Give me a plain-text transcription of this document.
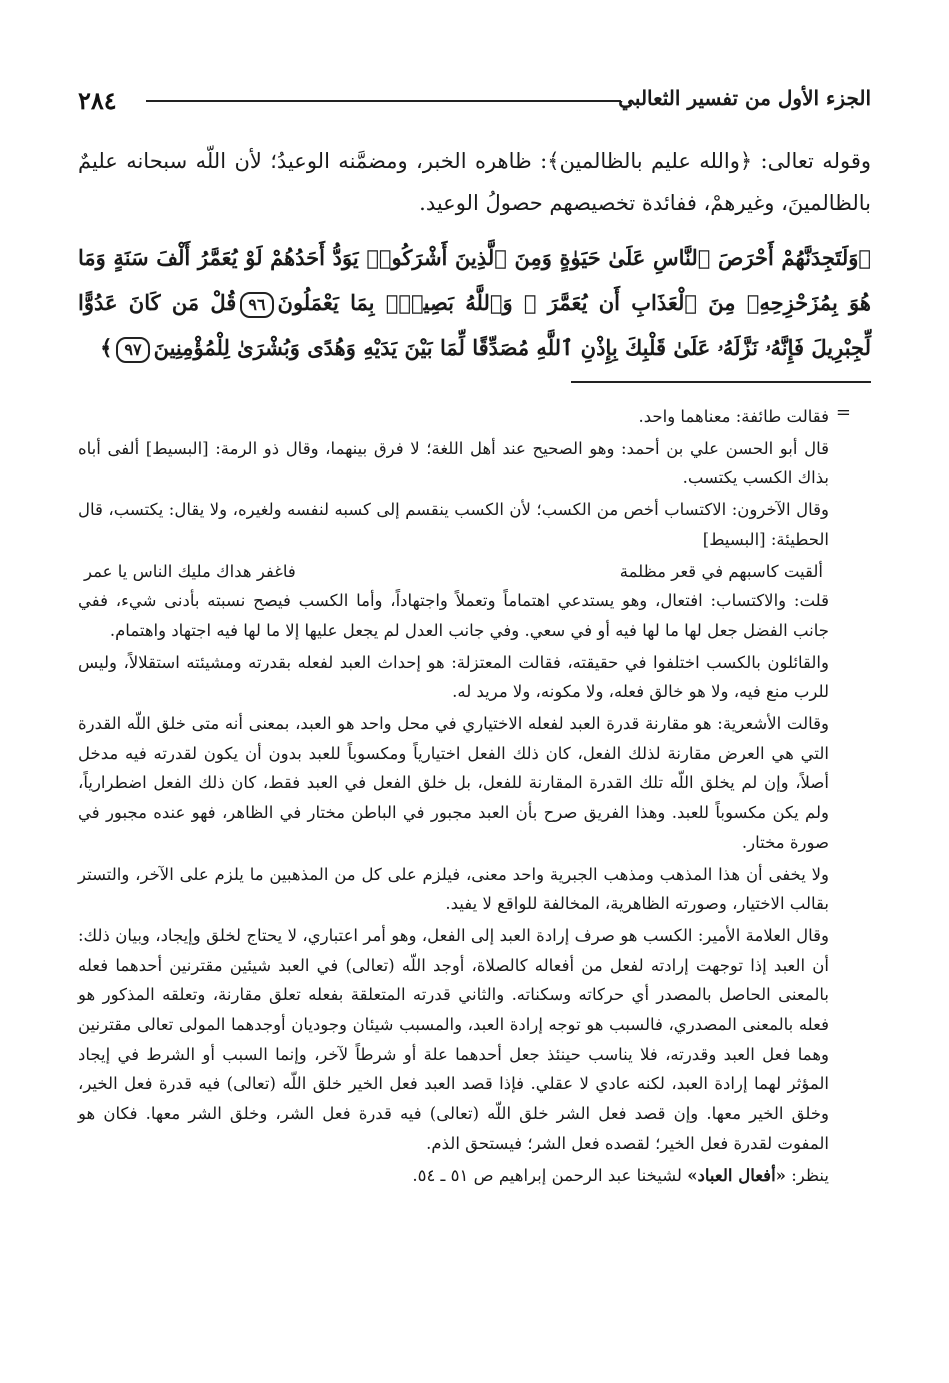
٢٨٤	الجزء الأول من تفسير الثعالبي

وقوله تعالى: ﴿والله عليم بالظالمين﴾: ظاهره الخبر، ومضمَّنه الوعيدُ؛ لأن اللّه سبحانه عليمٌ بالظالمينَ، وغيرهمْ، ففائدة تخصيصهم حصولُ الوعيد.

﴿وَلَتَجِدَنَّهُمْ أَحْرَصَ ٱلنَّاسِ عَلَىٰ حَيَوٰةٍ وَمِنَ ٱلَّذِينَ أَشْرَكُوا۟ يَوَدُّ أَحَدُهُمْ لَوْ يُعَمَّرُ أَلْفَ سَنَةٍ وَمَا هُوَ بِمُزَحْزِحِهِۦ مِنَ ٱلْعَذَابِ أَن يُعَمَّرَ ۗ وَٱللَّهُ بَصِيرٌۢ بِمَا يَعْمَلُونَ٩٦قُلْ مَن كَانَ عَدُوًّا لِّجِبْرِيلَ فَإِنَّهُۥ نَزَّلَهُۥ عَلَىٰ قَلْبِكَ بِإِذْنِ ٱللَّهِ مُصَدِّقًا لِّمَا بَيْنَ يَدَيْهِ وَهُدًى وَبُشْرَىٰ لِلْمُؤْمِنِينَ٩٧﴾

=

فقالت طائفة: معناهما واحد.

قال أبو الحسن علي بن أحمد: وهو الصحيح عند أهل اللغة؛ لا فرق بينهما، وقال ذو الرمة: [البسيط] ألفى أباه بذاك الكسب يكتسب.

وقال الآخرون: الاكتساب أخص من الكسب؛ لأن الكسب ينقسم إلى كسبه لنفسه ولغيره، ولا يقال: يكتسب، قال الحطيئة: [البسيط]

ألقيت كاسبهم في قعر مظلمة
فاغفر هداك مليك الناس يا عمر

قلت: والاكتساب: افتعال، وهو يستدعي اهتماماً وتعملاً واجتهاداً، وأما الكسب فيصح نسبته بأدنى شيء، ففي جانب الفضل جعل لها ما لها فيه أو في سعي. وفي جانب العدل لم يجعل عليها إلا ما لها فيه اجتهاد واهتمام.

والقائلون بالكسب اختلفوا في حقيقته، فقالت المعتزلة: هو إحداث العبد لفعله بقدرته ومشيئته استقلالاً، وليس للرب منع فيه، ولا هو خالق فعله، ولا مكونه، ولا مريد له.

وقالت الأشعرية: هو مقارنة قدرة العبد لفعله الاختياري في محل واحد هو العبد، بمعنى أنه متى خلق اللّه القدرة التي هي العرض مقارنة لذلك الفعل، كان ذلك الفعل اختيارياً ومكسوباً للعبد بدون أن يكون لقدرته فيه مدخل أصلاً، وإن لم يخلق اللّه تلك القدرة المقارنة للفعل، بل خلق الفعل في العبد فقط، كان ذلك الفعل اضطرارياً، ولم يكن مكسوباً للعبد. وهذا الفريق صرح بأن العبد مجبور في الباطن مختار في الظاهر، فهو عنده مجبور في صورة مختار.

ولا يخفى أن هذا المذهب ومذهب الجبرية واحد معنى، فيلزم على كل من المذهبين ما يلزم على الآخر، والتستر بقالب الاختيار، وصورته الظاهرية، المخالفة للواقع لا يفيد.

وقال العلامة الأمير: الكسب هو صرف إرادة العبد إلى الفعل، وهو أمر اعتباري، لا يحتاج لخلق وإيجاد، وبيان ذلك: أن العبد إذا توجهت إرادته لفعل من أفعاله كالصلاة، أوجد اللّه (تعالى) في العبد شيئين مقترنين أحدهما فعله بالمعنى الحاصل بالمصدر أي حركاته وسكناته. والثاني قدرته المتعلقة بفعله تعلق مقارنة، وتعلقه المذكور هو فعله بالمعنى المصدري، فالسبب هو توجه إرادة العبد، والمسبب شيئان وجوديان أوجدهما المولى تعالى مقترنين وهما فعل العبد وقدرته، فلا يناسب حينئذ جعل أحدهما علة أو شرطاً لآخر، وإنما السبب أو الشرط في إيجاد المؤثر لهما إرادة العبد، لكنه عادي لا عقلي. فإذا قصد العبد فعل الخير خلق اللّه (تعالى) فيه قدرة فعل الخير، وخلق الخير معها. وإن قصد فعل الشر خلق اللّه (تعالى) فيه قدرة فعل الشر، وخلق الشر معها. فكان هو المفوت لقدرة فعل الخير؛ لقصده فعل الشر؛ فيستحق الذم.

ينظر: «أفعال العباد» لشيخنا عبد الرحمن إبراهيم ص ٥١ ـ ٥٤.
